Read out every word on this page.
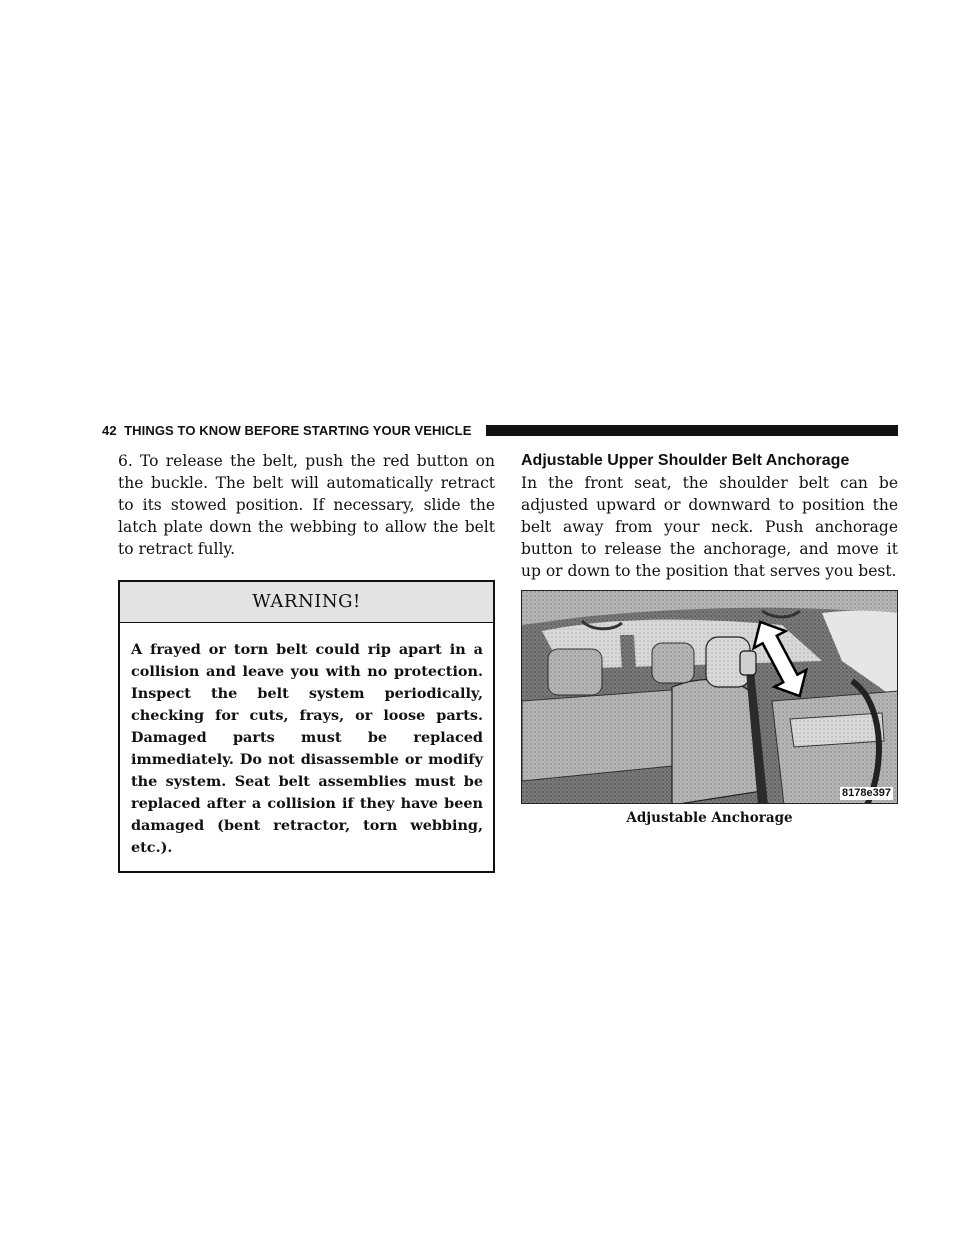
42 THINGS TO KNOW BEFORE STARTING YOUR VEHICLE

6. To release the belt, push the red button on the buckle. The belt will automatically retract to its stowed position. If necessary, slide the latch plate down the webbing to allow the belt to retract fully.

WARNING!
A frayed or torn belt could rip apart in a collision and leave you with no protection. Inspect the belt system periodically, checking for cuts, frays, or loose parts. Damaged parts must be replaced immediately. Do not disassemble or modify the system. Seat belt assemblies must be replaced after a collision if they have been damaged (bent retractor, torn webbing, etc.).
Adjustable Upper Shoulder Belt Anchorage

In the front seat, the shoulder belt can be adjusted upward or downward to position the belt away from your neck. Push anchorage button to release the anchorage, and move it up or down to the position that serves you best.

8178e397
Adjustable Anchorage
